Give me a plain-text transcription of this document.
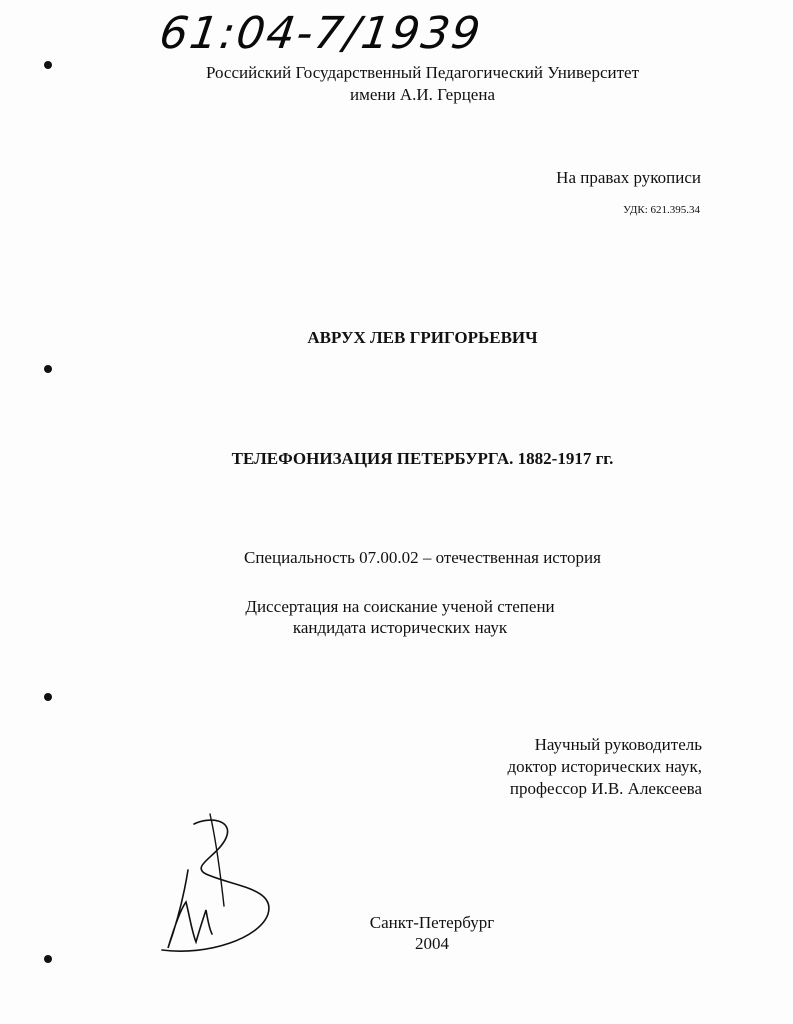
61:04-7/1939
Российский Государственный Педагогический Университет
имени А.И. Герцена
На правах рукописи
УДК: 621.395.34
АВРУХ ЛЕВ ГРИГОРЬЕВИЧ
ТЕЛЕФОНИЗАЦИЯ ПЕТЕРБУРГА. 1882-1917 гг.
Специальность 07.00.02 – отечественная история
Диссертация на соискание ученой степени
кандидата исторических наук
Научный руководитель
доктор исторических наук,
профессор И.В. Алексеева
Санкт-Петербург
2004
